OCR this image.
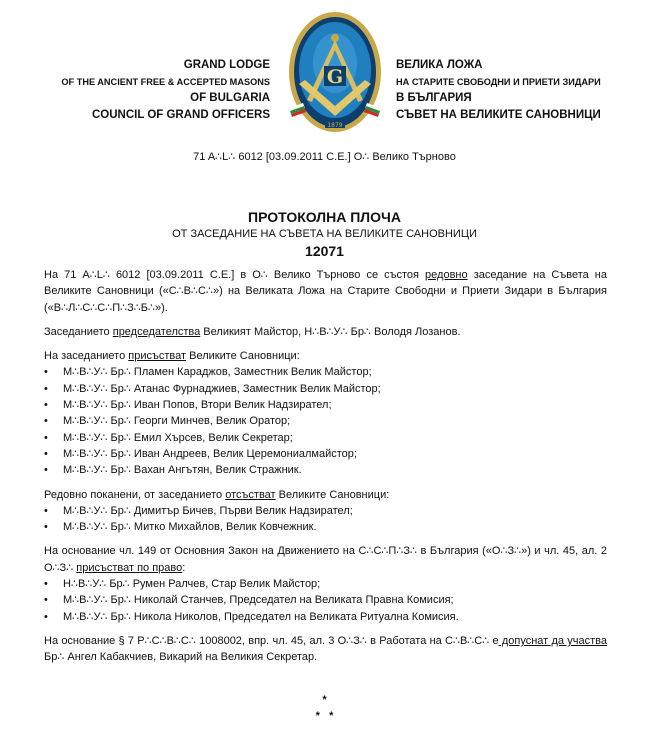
GRAND LODGE
OF THE ANCIENT FREE & ACCEPTED MASONS
OF BULGARIA
COUNCIL OF GRAND OFFICERS
G
1879
ВЕЛИКА ЛОЖА
НА СТАРИТЕ СВОБОДНИ И ПРИЕТИ ЗИДАРИ
В БЪЛГАРИЯ
СЪВЕТ НА ВЕЛИКИТЕ САНОВНИЦИ
71 A∴L∴ 6012 [03.09.2011 C.E.] O∴ Велико Търново
ПРОТОКОЛНА ПЛОЧА
ОТ ЗАСЕДАНИЕ НА СЪВЕТА НА ВЕЛИКИТЕ САНОВНИЦИ
12071

На 71 A∴L∴ 6012 [03.09.2011 C.E.] в O∴ Велико Търново се състоя редовно заседание на Съвета на Великите Сановници («С∴В∴С∴») на Великата Ложа на Старите Свободни и Приети Зидари в България («В∴Л∴С∴С∴П∴З∴Б∴»).

Заседанието председателства Великият Майстор, Н∴В∴У∴ Бр∴ Володя Лозанов.

На заседанието присъстват Великите Сановници:

• М∴В∴У∴ Бр∴ Пламен Караджов, Заместник Велик Майстор;
• М∴В∴У∴ Бр∴ Атанас Фурнаджиев, Заместник Велик Майстор;
• М∴В∴У∴ Бр∴ Иван Попов, Втори Велик Надзирател;
• М∴В∴У∴ Бр∴ Георги Минчев, Велик Оратор;
• М∴В∴У∴ Бр∴ Емил Хърсев, Велик Секретар;
• М∴В∴У∴ Бр∴ Иван Андреев, Велик Церемониалмайстор;
• М∴В∴У∴ Бр∴ Вахан Ангътян, Велик Стражник.

Редовно поканени, от заседанието отсъстват Великите Сановници:

• М∴В∴У∴ Бр∴ Димитър Бичев, Първи Велик Надзирател;
• М∴В∴У∴ Бр∴ Митко Михайлов, Велик Ковчежник.

На основание чл. 149 от Основния Закон на Движението на С∴С∴П∴З∴ в България («О∴З∴») и чл. 45, ал. 2 О∴З∴ присъстват по право:

• Н∴В∴У∴ Бр∴ Румен Ралчев, Стар Велик Майстор;
• М∴В∴У∴ Бр∴ Николай Станчев, Председател на Великата Правна Комисия;
• М∴В∴У∴ Бр∴ Никола Николов, Председател на Великата Ритуална Комисия.

На основание § 7 Р∴С∴В∴С∴ 1008002, впр. чл. 45, ал. 3 О∴З∴ в Работата на С∴В∴С∴ е допуснат да участва Бр∴ Ангел Кабакчиев, Викарий на Великия Секретар.

*
*   *
